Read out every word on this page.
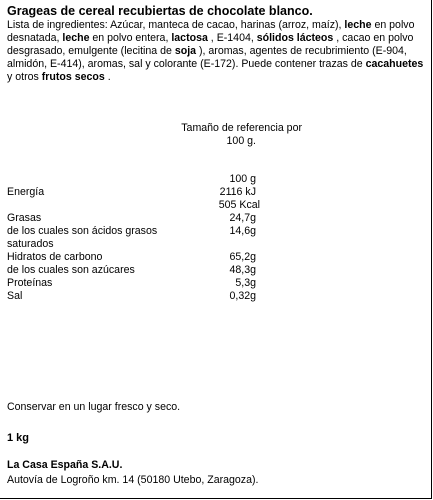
Grageas de cereal recubiertas de chocolate blanco.

Lista de ingredientes: Azúcar, manteca de cacao, harinas (arroz, maíz), leche en polvo desnatada, leche en polvo entera, lactosa , E-1404, sólidos lácteos , cacao en polvo desgrasado, emulgente (lecitina de soja ), aromas, agentes de recubrimiento (E-904, almidón, E-414), aromas, sal y colorante (E-172). Puede contener trazas de cacahuetes y otros frutos secos .

Tamaño de referencia por
100 g.
100 g
Energía	2116 kJ
505 Kcal
Grasas	24,7g
de los cuales son ácidos grasos	14,6g
saturados
Hidratos de carbono	65,2g
de los cuales son azúcares	48,3g
Proteínas	5,3g
Sal	0,32g
Conservar en un lugar fresco y seco.
1 kg
La Casa España S.A.U.
Autovía de Logroño km. 14 (50180 Utebo, Zaragoza).
